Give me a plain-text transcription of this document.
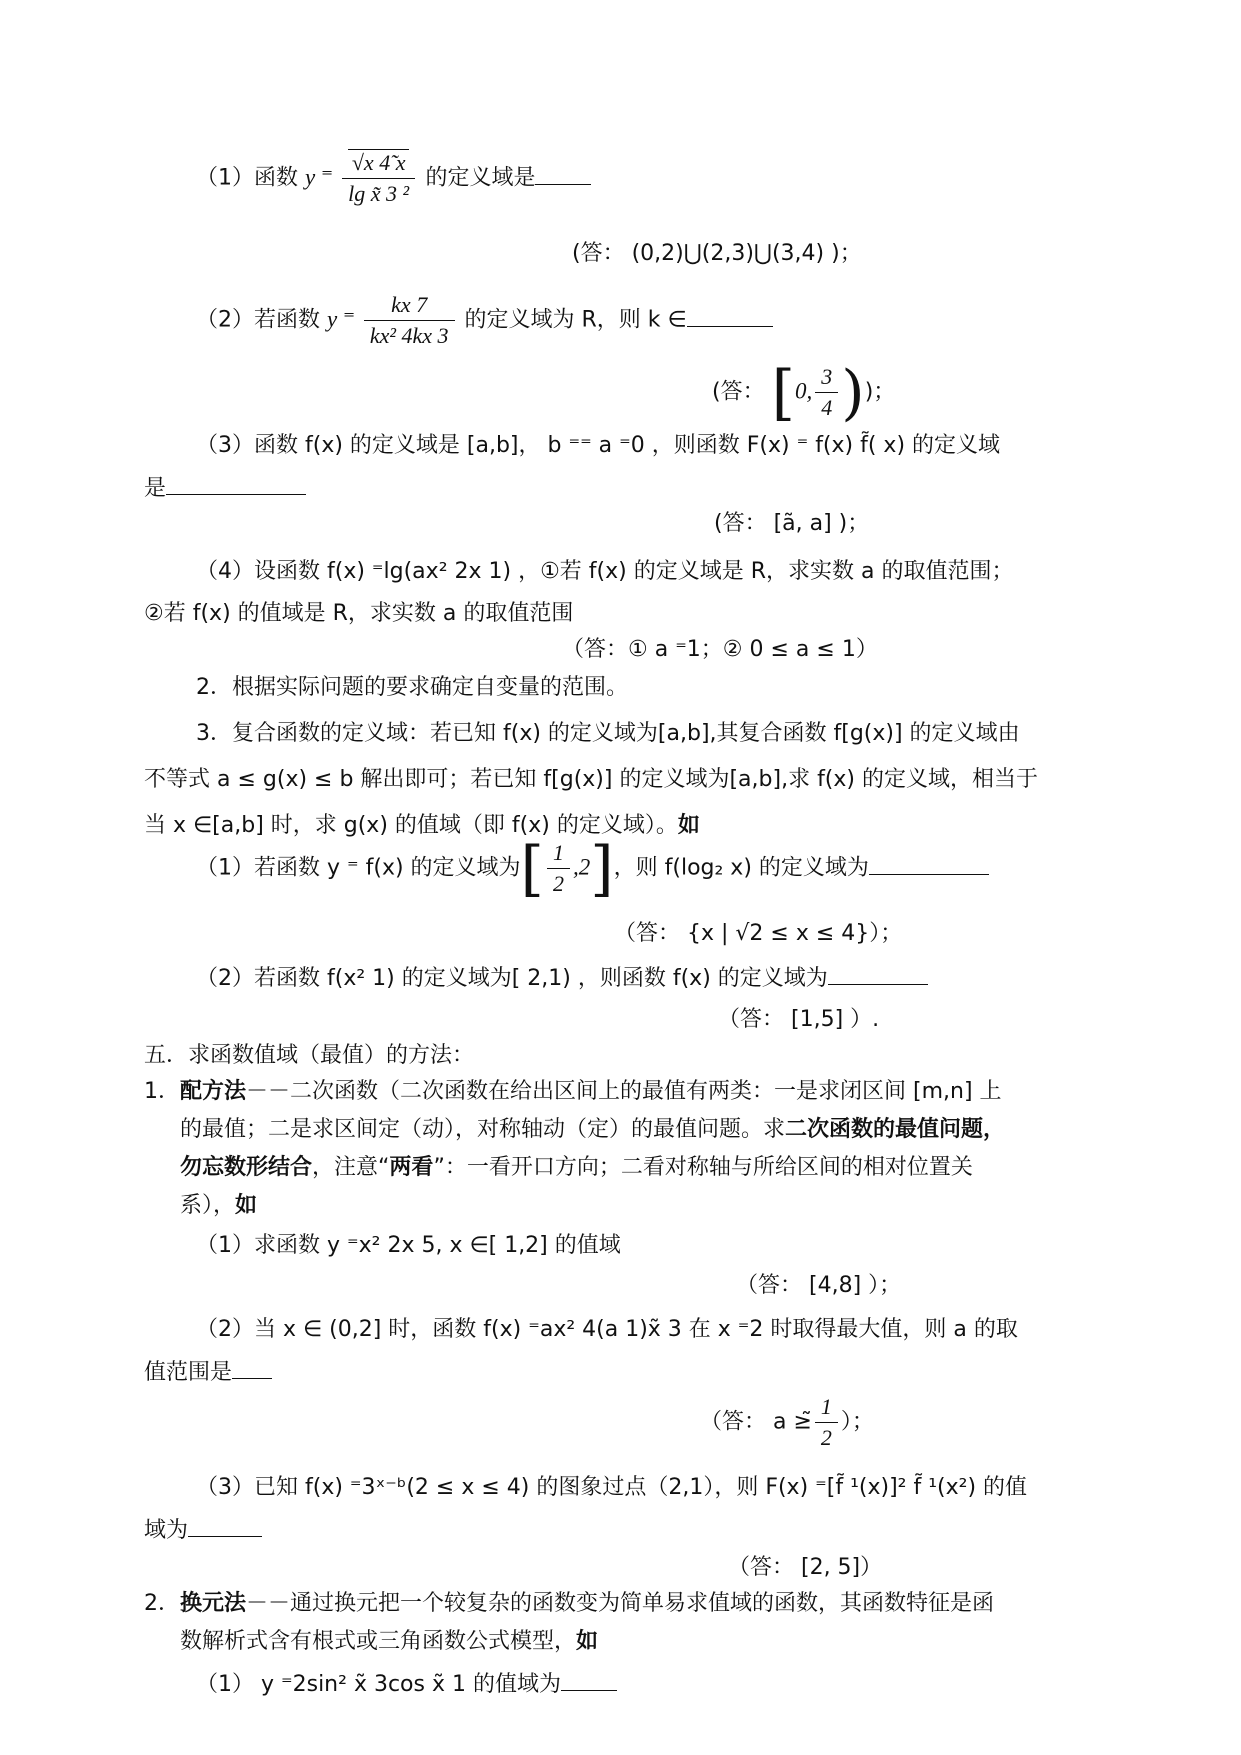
（1）函数 y ⁼ $\frac{√x 4̃ x}{\text{lg x̃ 3 ²}}$ 的定义域是
(答： (0,2)⋃(2,3)⋃(3,4) )；
（2）若函数 y ⁼ $\frac{kx 7}{\text{kx² 4kx 3}}$ 的定义域为 R，则 k ∈
(答： [0, $\frac{3}{4}$ ))；
（3）函数 f(x) 的定义域是 [a,b]， b ⁼⁼ a ⁼0 ，则函数 F(x) ⁼ f(x) f̃( x) 的定义域
是
(答： [ã, a] )；
（4）设函数 f(x) ⁼lg(ax² 2x 1) ，①若 f(x) 的定义域是 R，求实数 a 的取值范围；
②若 f(x) 的值域是 R，求实数 a 的取值范围
（答：① a ⁼1；② 0 ≤ a ≤ 1）
2．根据实际问题的要求确定自变量的范围。
3．复合函数的定义域：若已知 f(x) 的定义域为[a,b],其复合函数 f[g(x)] 的定义域由
不等式 a ≤ g(x) ≤ b 解出即可；若已知 f[g(x)] 的定义域为[a,b],求 f(x) 的定义域，相当于
当 x ∈[a,b] 时，求 g(x) 的值域（即 f(x) 的定义域）。如
（1）若函数 y ⁼ f(x) 的定义域为[ $\frac{1}{2} ,2$]，则 f(log₂ x) 的定义域为
（答： {x | √2 ≤ x ≤ 4}）；
（2）若函数 f(x² 1) 的定义域为[ 2,1) ，则函数 f(x) 的定义域为
（答： [1,5] ）.
五．求函数值域（最值）的方法：
1．配方法－－二次函数（二次函数在给出区间上的最值有两类：一是求闭区间 [m,n] 上
的最值；二是求区间定（动），对称轴动（定）的最值问题。求二次函数的最值问题，
勿忘数形结合，注意“两看”：一看开口方向；二看对称轴与所给区间的相对位置关
系），如
（1）求函数 y ⁼x² 2x 5, x ∈[ 1,2] 的值域
（答： [4,8] ）；
（2）当 x ∈ (0,2] 时，函数 f(x) ⁼ax² 4(a 1)x̃ 3 在 x ⁼2 时取得最大值，则 a 的取
值范围是
（答： a ≥̃ $\frac{1}{2}$ ）；
（3）已知 f(x) ⁼3ˣ⁻ᵇ(2 ≤ x ≤ 4) 的图象过点（2,1），则 F(x) ⁼[f̃ ¹(x)]² f̃ ¹(x²) 的值
域为
（答： [2, 5]）
2．换元法－－通过换元把一个较复杂的函数变为简单易求值域的函数，其函数特征是函
数解析式含有根式或三角函数公式模型，如
（1） y ⁼2sin² x̃ 3cos x̃ 1 的值域为
